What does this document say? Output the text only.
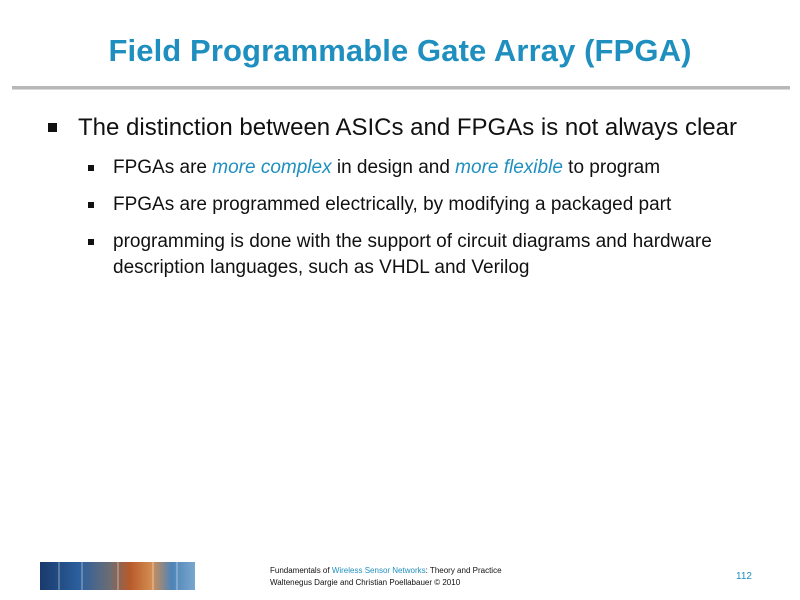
Field Programmable Gate Array (FPGA)
The distinction between ASICs and FPGAs is not always clear
FPGAs are more complex in design and more flexible to program
FPGAs are programmed electrically, by modifying a packaged part
programming is done with the support of circuit diagrams and hardware description languages, such as VHDL and Verilog
Fundamentals of Wireless Sensor Networks: Theory and Practice
Waltenegus Dargie and Christian Poellabauer © 2010
112
